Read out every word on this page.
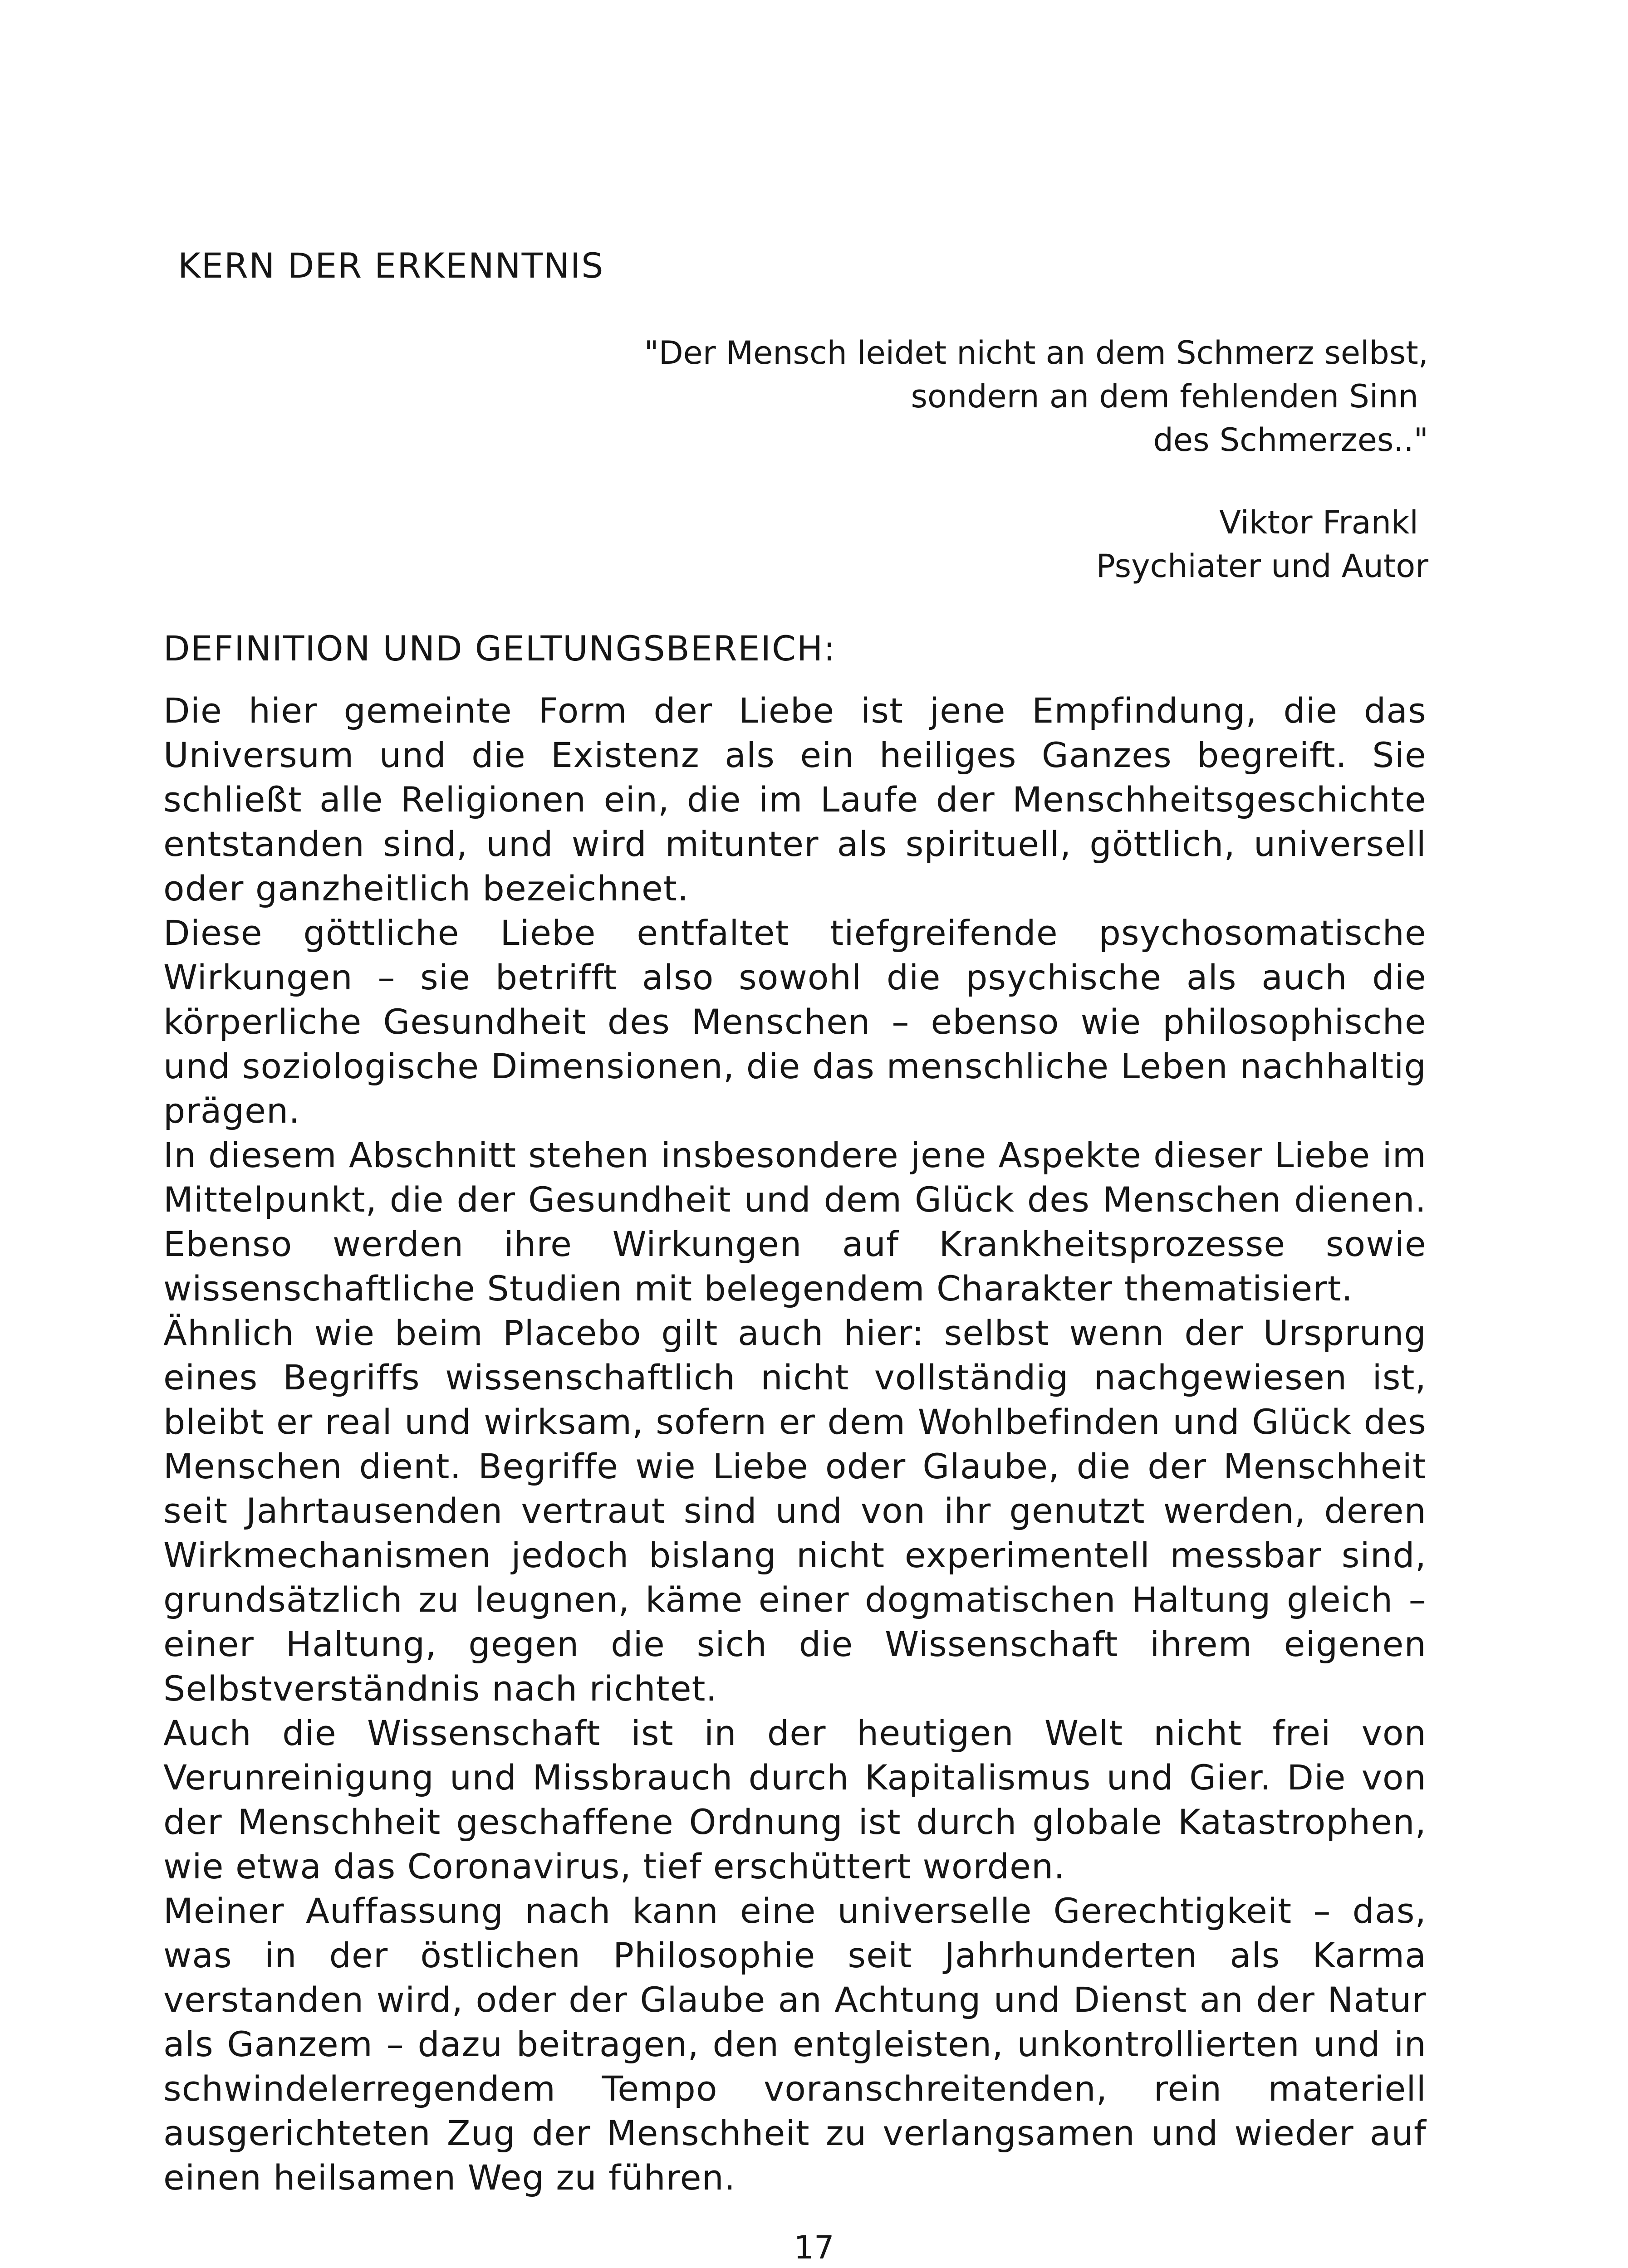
KERN DER ERKENNTNIS
"Der Mensch leidet nicht an dem Schmerz selbst,
sondern an dem fehlenden Sinn
des Schmerzes.."
Viktor Frankl
Psychiater und Autor
DEFINITION UND GELTUNGSBEREICH:

Die hier gemeinte Form der Liebe ist jene Empfindung, die das Universum und die Existenz als ein heiliges Ganzes begreift. Sie schließt alle Religionen ein, die im Laufe der Menschheitsgeschichte entstanden sind, und wird mitunter als spirituell, göttlich, universell oder ganzheitlich bezeichnet.

Diese göttliche Liebe entfaltet tiefgreifende psychosomatische Wirkungen – sie betrifft also sowohl die psychische als auch die körperliche Gesundheit des Menschen – ebenso wie philosophische und soziologische Dimensionen, die das menschliche Leben nachhaltig prägen.

In diesem Abschnitt stehen insbesondere jene Aspekte dieser Liebe im Mittelpunkt, die der Gesundheit und dem Glück des Menschen dienen. Ebenso werden ihre Wirkungen auf Krankheitsprozesse sowie wissenschaftliche Studien mit belegendem Charakter thematisiert.

Ähnlich wie beim Placebo gilt auch hier: selbst wenn der Ursprung eines Begriffs wissenschaftlich nicht vollständig nachgewiesen ist, bleibt er real und wirksam, sofern er dem Wohlbefinden und Glück des Menschen dient. Begriffe wie Liebe oder Glaube, die der Menschheit seit Jahrtausenden vertraut sind und von ihr genutzt werden, deren Wirkmechanismen jedoch bislang nicht experimentell messbar sind, grundsätzlich zu leugnen, käme einer dogmatischen Haltung gleich – einer Haltung, gegen die sich die Wissenschaft ihrem eigenen Selbstverständnis nach richtet.

Auch die Wissenschaft ist in der heutigen Welt nicht frei von Verunreinigung und Missbrauch durch Kapitalismus und Gier. Die von der Menschheit geschaffene Ordnung ist durch globale Katastrophen, wie etwa das Coronavirus, tief erschüttert worden.

Meiner Auffassung nach kann eine universelle Gerechtigkeit – das, was in der östlichen Philosophie seit Jahrhunderten als Karma verstanden wird, oder der Glaube an Achtung und Dienst an der Natur als Ganzem – dazu beitragen, den entgleisten, unkontrollierten und in schwindelerregendem Tempo voranschreitenden, rein materiell ausgerichteten Zug der Menschheit zu verlangsamen und wieder auf einen heilsamen Weg zu führen.

17
